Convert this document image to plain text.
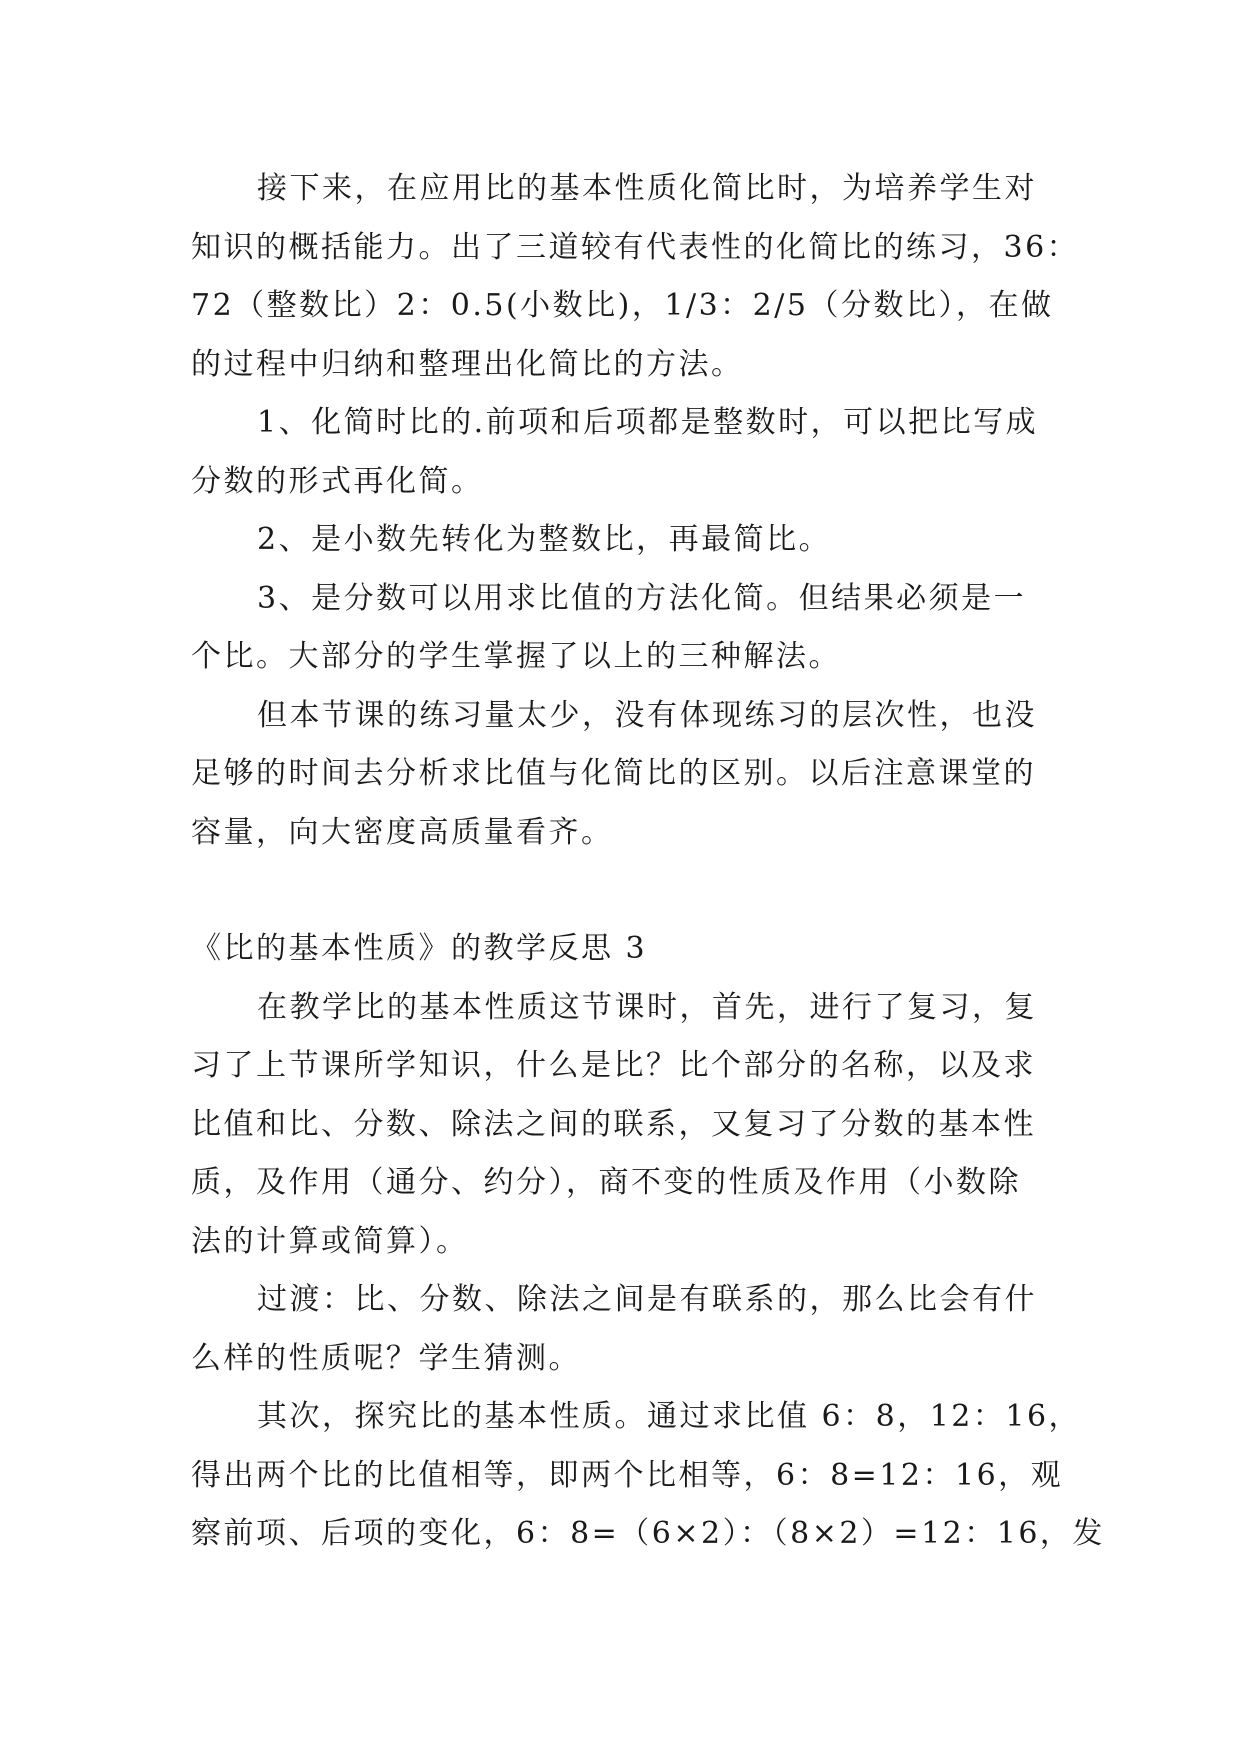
接下来，在应用比的基本性质化简比时，为培养学生对
知识的概括能力。出了三道较有代表性的化简比的练习，36：
72（整数比）2：0.5(小数比)，1/3：2/5（分数比），在做
的过程中归纳和整理出化简比的方法。

1、化简时比的.前项和后项都是整数时，可以把比写成
分数的形式再化简。

2、是小数先转化为整数比，再最简比。

3、是分数可以用求比值的方法化简。但结果必须是一
个比。大部分的学生掌握了以上的三种解法。

但本节课的练习量太少，没有体现练习的层次性，也没
足够的时间去分析求比值与化简比的区别。以后注意课堂的
容量，向大密度高质量看齐。

《比的基本性质》的教学反思 3

在教学比的基本性质这节课时，首先，进行了复习，复
习了上节课所学知识，什么是比？比个部分的名称，以及求
比值和比、分数、除法之间的联系，又复习了分数的基本性
质，及作用（通分、约分），商不变的性质及作用（小数除
法的计算或简算）。

过渡：比、分数、除法之间是有联系的，那么比会有什
么样的性质呢？学生猜测。

其次，探究比的基本性质。通过求比值 6：8，12：16，
得出两个比的比值相等，即两个比相等，6：8=12：16，观
察前项、后项的变化，6：8=（6×2）：（8×2）=12：16，发
